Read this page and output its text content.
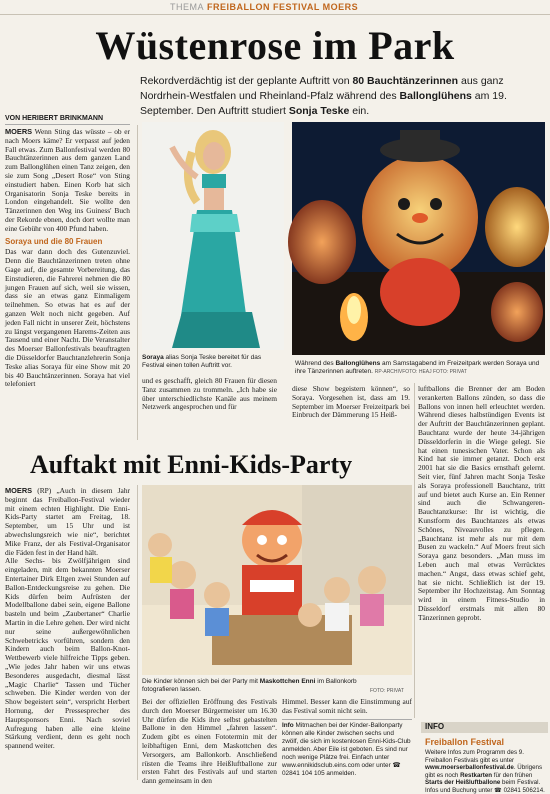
THEMA FREIBALLON FESTIVAL MOERS
Wüstenrose im Park
Rekordverdächtig ist der geplante Auftritt von 80 Bauchtänzerinnen aus ganz Nordrhein-Westfalen und Rheinland-Pfalz während des Ballonglühens am 19. September. Den Auftritt studiert Sonja Teske ein.
VON HERIBERT BRINKMANN
MOERS Wenn Sting das wüsste – ob er nach Moers käme? Er verpasst auf jeden Fall etwas. Zum Ballonfestival werden 80 Bauchtänzerinnen aus dem ganzen Land zum Ballonglühen einen Tanz zeigen, den sie zum Song „Desert Rose“ von Sting einstudiert haben. Einen Korb hat sich Organisatorin Sonja Teske bereits in London eingehandelt. Sie wollte den Tänzerinnen den Weg ins Guiness' Buch der Rekorde ebnen, doch dort wollte man eine Gebühr von 400 Pfund haben.
Soraya und die 80 Frauen
Das war dann doch des Gutenzuviel. Denn die Bauchtänzerinnen treten ohne Gage auf, die gesamte Vorbereitung, das Einstudieren, die Fahrerei nehmen die 80 jungen Frauen auf sich, weil sie wissen, dass sie an etwas ganz Einmaligem teilnehmen. So etwas hat es auf der ganzen Welt noch nicht gegeben. Auf jeden Fall nicht in unserer Zeit, höchstens zu längst vergangenen Harems-Zeiten aus Tausend und einer Nacht. Die Veranstalter des Moerser Ballonfestivals beauftragten die Düsseldorfer Bauchtanzlehrerin Sonja Teske alias Soraya für eine Show mit 20 bis 40 Bauchtänzerinnen. Soraya hat viel telefoniert
Soraya alias Sonja Teske bereitet für das Festival einen tollen Auftritt vor.	Während des Ballonglühens am Samstagabend im Freizeitpark werden Soraya und ihre Tänzerinnen auftreten. RP-ARCHIVFOTO: HEAJ FOTO: PRIVAT
und es geschafft, gleich 80 Frauen für diesen Tanz zusammen zu trommeln. „Ich habe sie über unterschiedlichste Kanäle aus meinem Netzwerk angesprochen und für
diese Show begeistern können“, so Soraya. Vorgesehen ist, dass am 19. September im Moerser Freizeitpark bei Einbruch der Dämmerung 15 Heiß-
luftballons die Brenner der am Boden verankerten Ballons zünden, so dass die Ballons von innen hell erleuchtet werden. Während dieses halbstündigen Events ist der Auftritt der Bauchtänzerinnen geplant. Bauchtanz wurde der heute 34-jährigen Düsseldorferin in die Wiege gelegt. Sie hat einen tunesischen Vater. Schon als Kind hat sie immer getanzt. Doch erst 2001 hat sie die Basics ernsthaft gelernt. Seit vier, fünf Jahren macht Sonja Teske als Soraya professionell Bauchtanz, tritt auf und bietet auch Kurse an. Ein Renner sind auch die Schwangeren-Bauchtanzkurse: Ihr ist wichtig, die Kunstform des Bauchtanzes als etwas Schönes, Niveauvolles zu pflegen. „Bauchtanz ist mehr als nur mit dem Busen zu wackeln.“ Auf Moers freut sich Soraya ganz besonders. „Man muss im Leben auch mal etwas Verrücktes machen.“ Angst, dass etwas schief geht, hat sie nicht. Schließlich ist der 19. September ihr Hochzeitstag. Am Sonntag wird in einem Fitness-Studio in Düsseldorf erstmals mit allen 80 Tänzerinnen geprobt.
Auftakt mit Enni-Kids-Party
MOERS (RP) „Auch in diesem Jahr beginnt das Freiballon-Festival wieder mit einem echten Highlight. Die Enni-Kids-Party startet am Freitag, 18. September, um 15 Uhr und ist abwechslungsreich wie nie“, berichtet Mike Franz, der als Festival-Organisator die Fäden fest in der Hand hält.
Alle Sechs- bis Zwölfjährigen sind eingeladen, mit dem bekannten Moerser Entertainer Dirk Eltgen zwei Stunden auf Ballon-Entdeckungsreise zu gehen. Die Kids dürfen beim Aufrüsten der Modellballone dabei sein, eigene Ballone basteln und beim „Zaubertaner“ Charlie Martin in die Lehre gehen. Der wird nicht nur seine außergewöhnlichen Schwebetricks vorführen, sondern den Kindern auch beim Ballon-Knot-Wettbewerb viele hilfreiche Tipps geben. „Wie jedes Jahr haben wir uns etwas Besonderes ausgedacht, diesmal lässt „Magic Charlie“ Tassen und Tücher schweben. Die Kinder werden von der Show begeistert sein“, verspricht Herbert Hornung, der Pressesprecher des Hauptsponsors Enni. Nach soviel Aufregung haben alle eine kleine Stärkung verdient, denn es geht noch spannend weiter.
Die Kinder können sich bei der Party mit Maskottchen Enni im Ballonkorb fotografieren lassen.	FOTO: PRIVAT
Bei der offiziellen Eröffnung des Festivals durch den Moerser Bürgermeister um 16.30 Uhr dürfen die Kids ihre selbst gebastelten Ballone in den Himmel „fahren lassen“. Zudem gibt es einen Fototermin mit der leibhaftigen Enni, dem Maskottchen des Versorgers, am Ballonkorb. Anschließend rüsten die Teams ihre Heißluftballone zur ersten Fahrt des Festivals auf und starten dann gemeinsam in den
Himmel. Besser kann die Einstimmung auf das Festival somit nicht sein.
Info Mitmachen bei der Kinder-Ballonparty können alle Kinder zwischen sechs und zwölf, die sich im kostenlosen Enni-Kids-Club anmelden. Aber Eile ist geboten. Es sind nur noch wenige Plätze frei. Einfach unter www.ennikidsclub.eins.com oder unter ☎ 02841 104 105 anmelden.
INFO
Freiballon Festival
Weitere Infos zum Programm des 9. Freiballon Festivals gibt es unter www.moerserballonfestival.de. Übrigens gibt es noch Restkarten für den frühen Starts der Heißluftballone beim Festival. Infos und Buchung unter ☎ 02841 506214.
